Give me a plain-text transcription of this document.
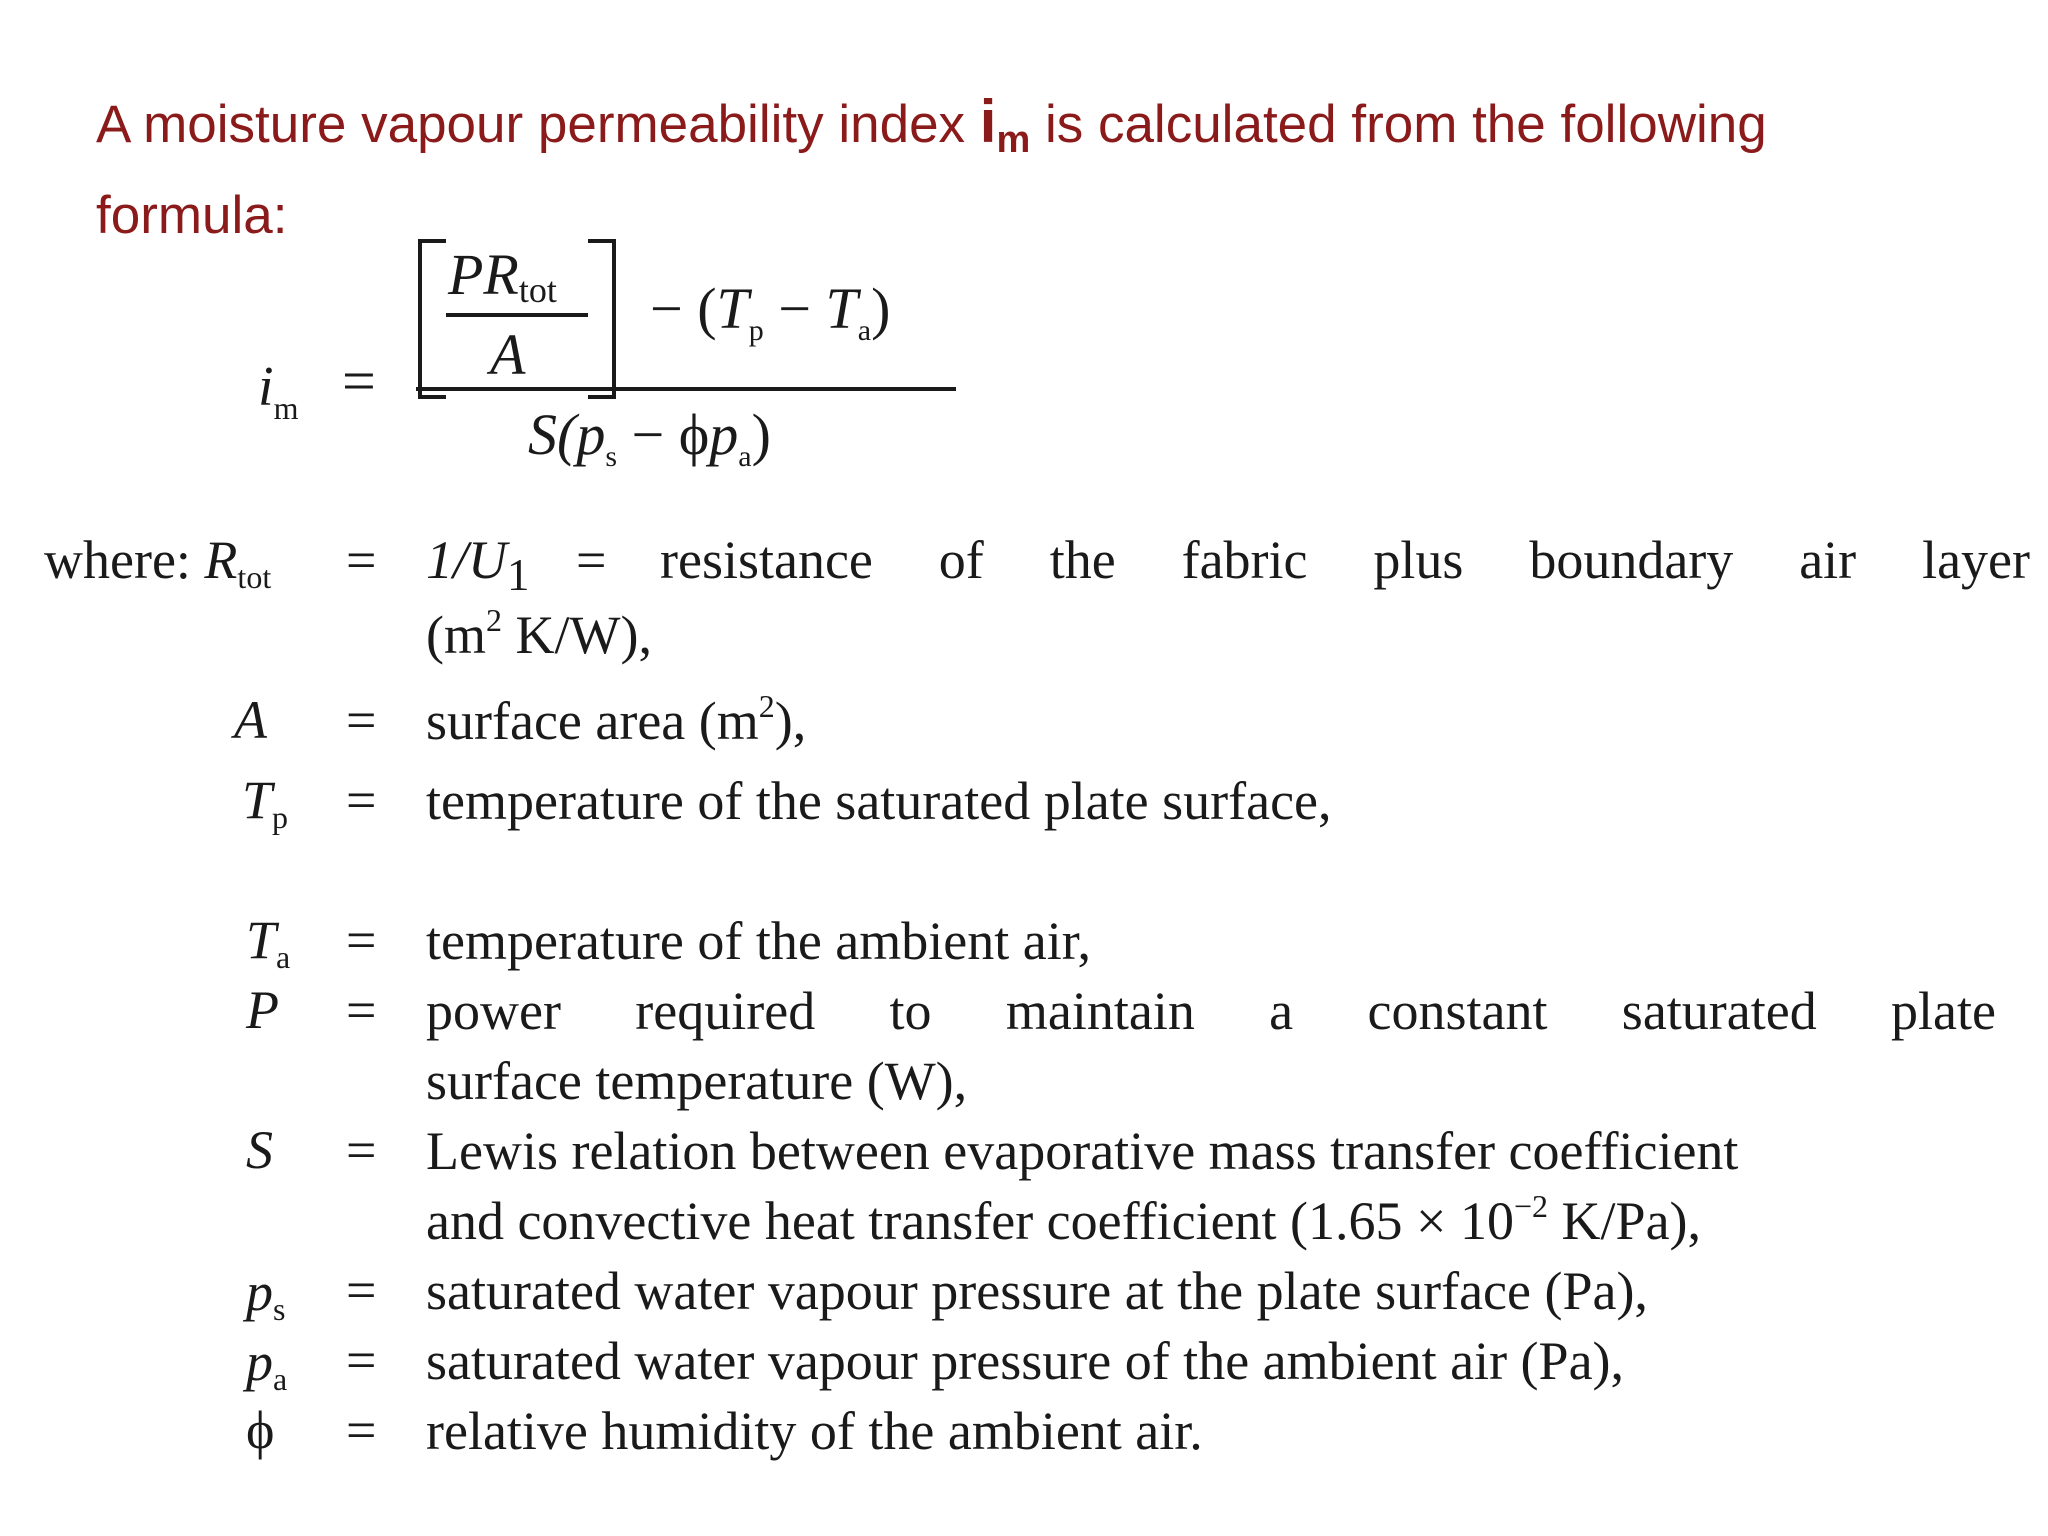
A moisture vapour permeability index $i_m$ is calculated from the following formula:
$i_m$ =
$PR_{tot}$
A
− $(T_p - T_a)$
$S(p_s - \phi p_a)$
where: $R_{tot} = 1/U_1$ = resistance of the fabric plus boundary air layer
($m^2$ K/W),
A = surface area $(m^2)$,
$T_p$ = temperature of the saturated plate surface,
$T_a$ = temperature of the ambient air,
P = power required to maintain a constant saturated plate
surface temperature (W),
S = Lewis relation between evaporative mass transfer coefficient
and convective heat transfer coefficient ($1.65 \times 10^{-2}$ K/Pa),
$p_s$ = saturated water vapour pressure at the plate surface (Pa),
$p_a$ = saturated water vapour pressure of the ambient air (Pa),
ϕ = relative humidity of the ambient air.
